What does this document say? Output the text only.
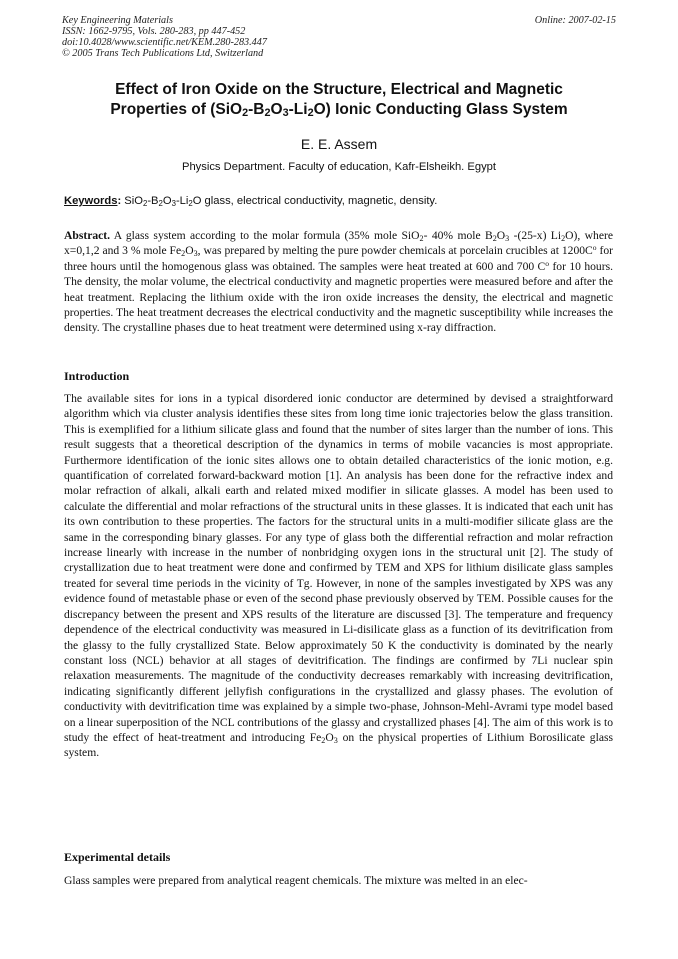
Key Engineering Materials
ISSN: 1662-9795, Vols. 280-283, pp 447-452
doi:10.4028/www.scientific.net/KEM.280-283.447
© 2005 Trans Tech Publications Ltd, Switzerland
Online: 2007-02-15
Effect of Iron Oxide on the Structure, Electrical and Magnetic
Properties of $(SiO_2-B_2O_3-Li_2O)$ Ionic Conducting Glass System
E. E. Assem
Physics Department. Faculty of education, Kafr-Elsheikh. Egypt
Keywords: $SiO_2-B_2O_3-Li_2O$ glass, electrical conductivity, magnetic, density.
Abstract. A glass system according to the molar formula (35% mole SiO$_2$- 40% mole $B_2O_3$ -(25-x) $Li_2O$), where x=0,1,2 and 3 % mole $Fe_2O_3$, was prepared by melting the pure powder chemicals at porcelain crucibles at $1200C^o$ for three hours until the homogenous glass was obtained. The samples were heat treated at 600 and 700 $C^o$ for 10 hours. The density, the molar volume, the electrical conductivity and magnetic properties were measured before and after the heat treatment. Replacing the lithium oxide with the iron oxide increases the density, the electrical and magnetic properties. The heat treatment decreases the electrical conductivity and the magnetic susceptibility while increases the density. The crystalline phases due to heat treatment were determined using x-ray diffraction.
Introduction
The available sites for ions in a typical disordered ionic conductor are determined by devised a straightforward algorithm which via cluster analysis identifies these sites from long time ionic trajectories below the glass transition. This is exemplified for a lithium silicate glass and found that the number of sites larger than the number of ions. This result suggests that a theoretical description of the dynamics in terms of mobile vacancies is most appropriate. Furthermore identification of the ionic sites allows one to obtain detailed characteristics of the ionic motion, e.g. quantification of correlated forward-backward motion [1]. An analysis has been done for the refractive index and molar refraction of alkali, alkali earth and related mixed modifier in silicate glasses. A model has been used to calculate the differential and molar refractions of the structural units in these glasses. It is indicated that each unit has its own contribution to these properties. The factors for the structural units in a multi-modifier silicate glass are the same in the corresponding binary glasses. For any type of glass both the differential refraction and molar refraction increase linearly with increase in the number of nonbridging oxygen ions in the structural unit [2]. The study of crystallization due to heat treatment were done and confirmed by TEM and XPS for lithium disilicate glass samples treated for several time periods in the vicinity of Tg. However, in none of the samples investigated by XPS was any evidence found of metastable phase or even of the second phase previously observed by TEM. Possible causes for the discrepancy between the present and XPS results of the literature are discussed [3]. The temperature and frequency dependence of the electrical conductivity was measured in Li-disilicate glass as a function of its devitrification from the glassy to the fully crystallized State. Below approximately 50 K the conductivity is dominated by the nearly constant loss (NCL) behavior at all stages of devitrification. The findings are confirmed by 7Li nuclear spin relaxation measurements. The magnitude of the conductivity decreases remarkably with increasing devitrification, indicating significantly different jellyfish configurations in the crystallized and glassy phases. The evolution of conductivity with devitrification time was explained by a simple two-phase, Johnson-Mehl-Avrami type model based on a linear superposition of the NCL contributions of the glassy and crystallized phases [4]. The aim of this work is to study the effect of heat-treatment and introducing $Fe_2O_3$ on the physical properties of Lithium Borosilicate glass system.
Experimental details
Glass samples were prepared from analytical reagent chemicals. The mixture was melted in an elec-
